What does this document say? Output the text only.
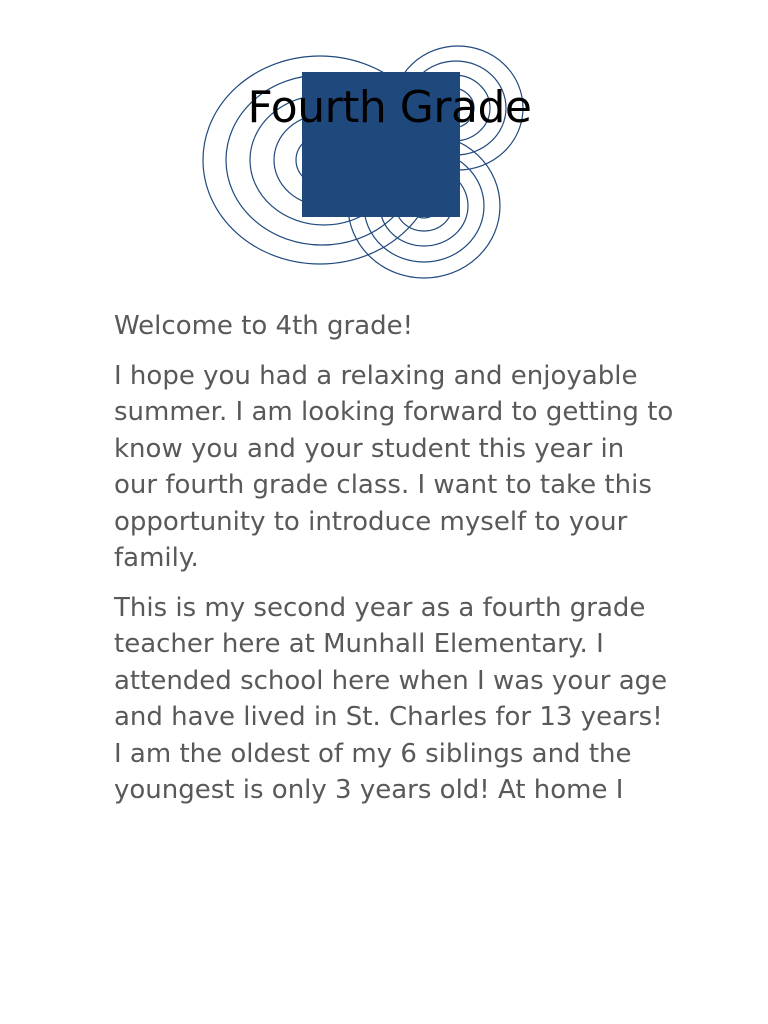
Fourth Grade

Welcome to 4th grade!

I hope you had a relaxing and enjoyable summer. I am looking forward to getting to know you and your student this year in our fourth grade class. I want to take this opportunity to introduce myself to your family.

This is my second year as a fourth grade teacher here at Munhall Elementary. I attended school here when I was your age and have lived in St. Charles for 13 years! I am the oldest of my 6 siblings and the youngest is only 3 years old! At home I
